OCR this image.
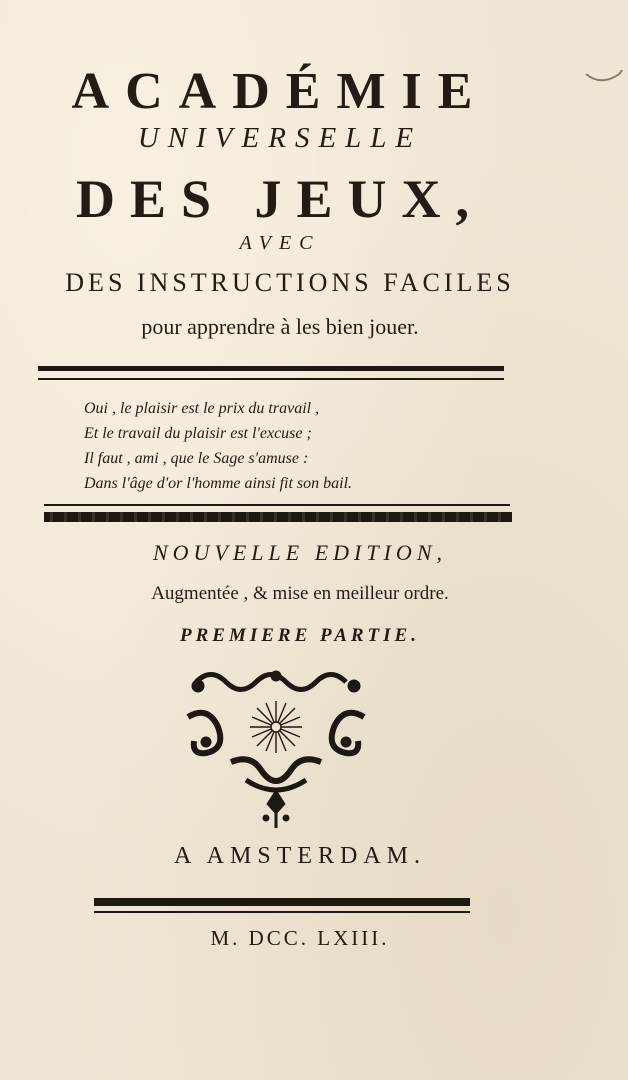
ACADÉMIE
UNIVERSELLE
DES JEUX,
AVEC
DES INSTRUCTIONS FACILES
pour apprendre à les bien jouer.
Oui , le plaisir est le prix du travail ,
Et le travail du plaisir est l'excuse ;
Il faut , ami , que le Sage s'amuse :
Dans l'âge d'or l'homme ainsi fit son bail.
NOUVELLE EDITION,
Augmentée , & mise en meilleur ordre.
PREMIERE PARTIE.
A AMSTERDAM.
M. DCC. LXIII.
